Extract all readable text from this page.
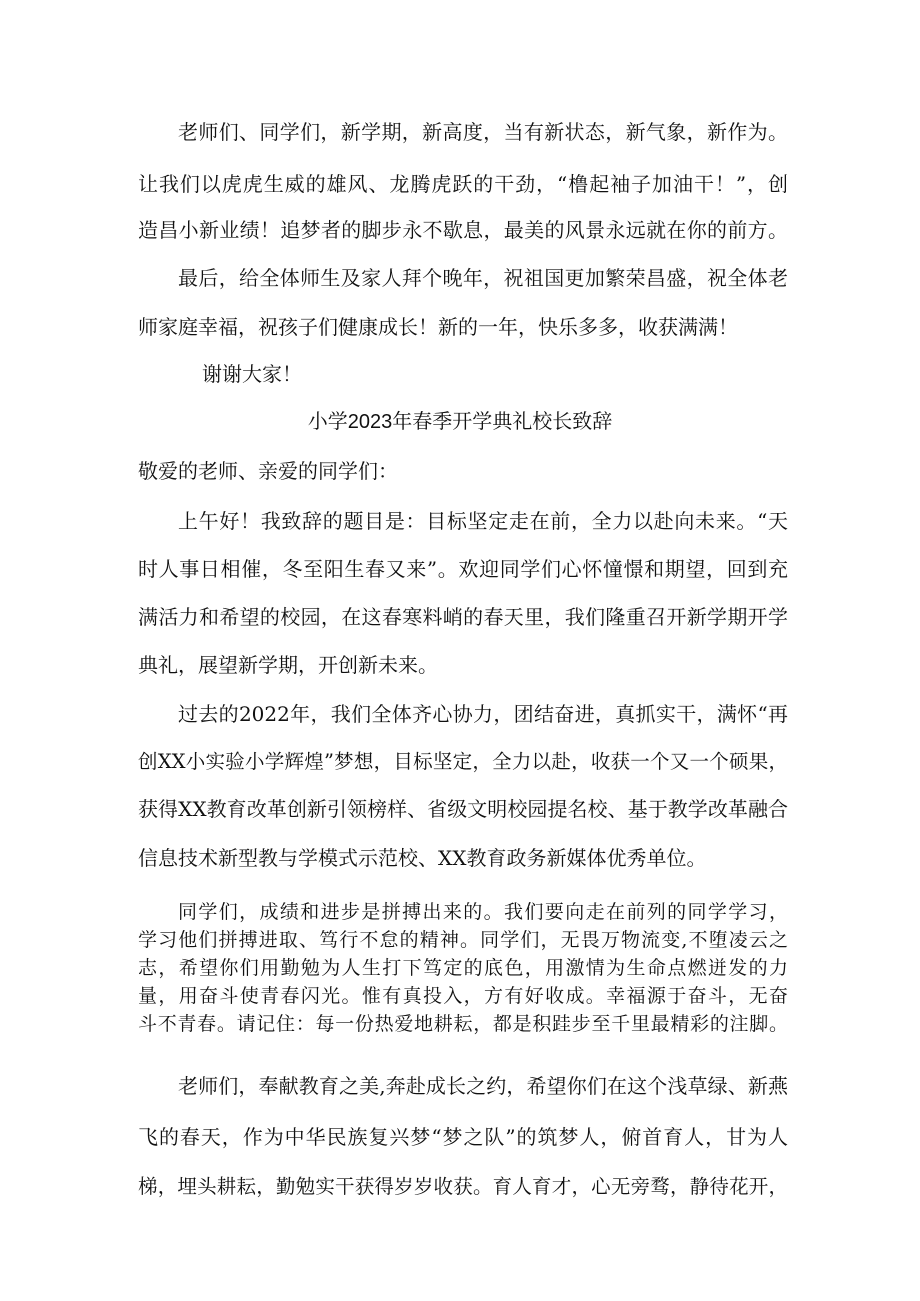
老师们、同学们，新学期，新高度，当有新状态，新气象，新作为。
让我们以虎虎生威的雄风、龙腾虎跃的干劲，“橹起袖子加油干！”，创
造昌小新业绩！追梦者的脚步永不歇息，最美的风景永远就在你的前方。
最后，给全体师生及家人拜个晚年，祝祖国更加繁荣昌盛，祝全体老
师家庭幸福，祝孩子们健康成长！新的一年，快乐多多，收获满满！
谢谢大家！
小学2023年春季开学典礼校长致辞
敬爱的老师、亲爱的同学们：
上午好！我致辞的题目是：目标坚定走在前，全力以赴向未来。“天
时人事日相催，冬至阳生春又来”。欢迎同学们心怀憧憬和期望，回到充
满活力和希望的校园，在这春寒料峭的春天里，我们隆重召开新学期开学
典礼，展望新学期，开创新未来。
过去的2022年，我们全体齐心协力，团结奋进，真抓实干，满怀“再
创XX小实验小学辉煌”梦想，目标坚定，全力以赴，收获一个又一个硕果，
获得XX教育改革创新引领榜样、省级文明校园提名校、基于教学改革融合
信息技术新型教与学模式示范校、XX教育政务新媒体优秀单位。
同学们，成绩和进步是拼搏出来的。我们要向走在前列的同学学习，
学习他们拼搏进取、笃行不怠的精神。同学们，无畏万物流变,不堕凌云之
志，希望你们用勤勉为人生打下笃定的底色，用激情为生命点燃迸发的力
量，用奋斗使青春闪光。惟有真投入，方有好收成。幸福源于奋斗，无奋
斗不青春。请记住：每一份热爱地耕耘，都是积跬步至千里最精彩的注脚。
老师们，奉献教育之美,奔赴成长之约，希望你们在这个浅草绿、新燕
飞的春天，作为中华民族复兴梦“梦之队”的筑梦人，俯首育人，甘为人
梯，埋头耕耘，勤勉实干获得岁岁收获。育人育才，心无旁骛，静待花开，
